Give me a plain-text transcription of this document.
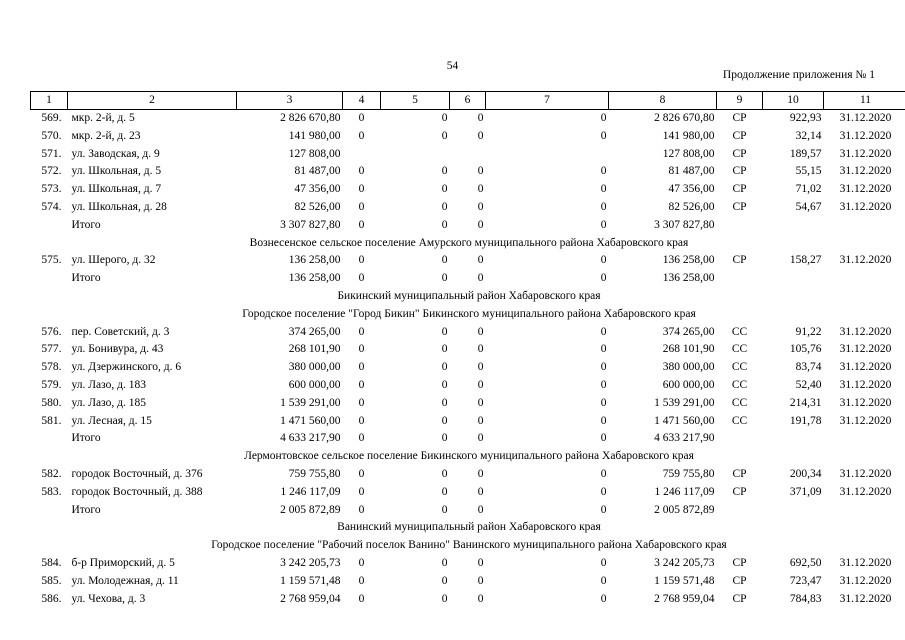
54
Продолжение приложения № 1
1	2	3	4	5	6	7	8	9	10	11
569.	мкр. 2-й, д. 5	2 826 670,80	0	0	0	0	2 826 670,80	СР	922,93	31.12.2020
570.	мкр. 2-й, д. 23	141 980,00	0	0	0	0	141 980,00	СР	32,14	31.12.2020
571.	ул. Заводская, д. 9	127 808,00					127 808,00	СР	189,57	31.12.2020
572.	ул. Школьная, д. 5	81 487,00	0	0	0	0	81 487,00	СР	55,15	31.12.2020
573.	ул. Школьная, д. 7	47 356,00	0	0	0	0	47 356,00	СР	71,02	31.12.2020
574.	ул. Школьная, д. 28	82 526,00	0	0	0	0	82 526,00	СР	54,67	31.12.2020
	Итого	3 307 827,80	0	0	0	0	3 307 827,80			
Вознесенское сельское поселение Амурского муниципального района Хабаровского края										
575.	ул. Шерого, д. 32	136 258,00	0	0	0	0	136 258,00	СР	158,27	31.12.2020
	Итого	136 258,00	0	0	0	0	136 258,00			
Бикинский муниципальный район Хабаровского края										
Городское поселение "Город Бикин" Бикинского муниципального района Хабаровского края										
576.	пер. Советский, д. 3	374 265,00	0	0	0	0	374 265,00	СС	91,22	31.12.2020
577.	ул. Бонивура, д. 43	268 101,90	0	0	0	0	268 101,90	СС	105,76	31.12.2020
578.	ул. Дзержинского, д. 6	380 000,00	0	0	0	0	380 000,00	СС	83,74	31.12.2020
579.	ул. Лазо, д. 183	600 000,00	0	0	0	0	600 000,00	СС	52,40	31.12.2020
580.	ул. Лазо, д. 185	1 539 291,00	0	0	0	0	1 539 291,00	СС	214,31	31.12.2020
581.	ул. Лесная, д. 15	1 471 560,00	0	0	0	0	1 471 560,00	СС	191,78	31.12.2020
	Итого	4 633 217,90	0	0	0	0	4 633 217,90			
Лермонтовское сельское поселение Бикинского муниципального района Хабаровского края										
582.	городок Восточный, д. 376	759 755,80	0	0	0	0	759 755,80	СР	200,34	31.12.2020
583.	городок Восточный, д. 388	1 246 117,09	0	0	0	0	1 246 117,09	СР	371,09	31.12.2020
	Итого	2 005 872,89	0	0	0	0	2 005 872,89			
Ванинский муниципальный район Хабаровского края										
Городское поселение "Рабочий поселок Ванино" Ванинского муниципального района Хабаровского края										
584.	б-р Приморский, д. 5	3 242 205,73	0	0	0	0	3 242 205,73	СР	692,50	31.12.2020
585.	ул. Молодежная, д. 11	1 159 571,48	0	0	0	0	1 159 571,48	СР	723,47	31.12.2020
586.	ул. Чехова, д. 3	2 768 959,04	0	0	0	0	2 768 959,04	СР	784,83	31.12.2020
